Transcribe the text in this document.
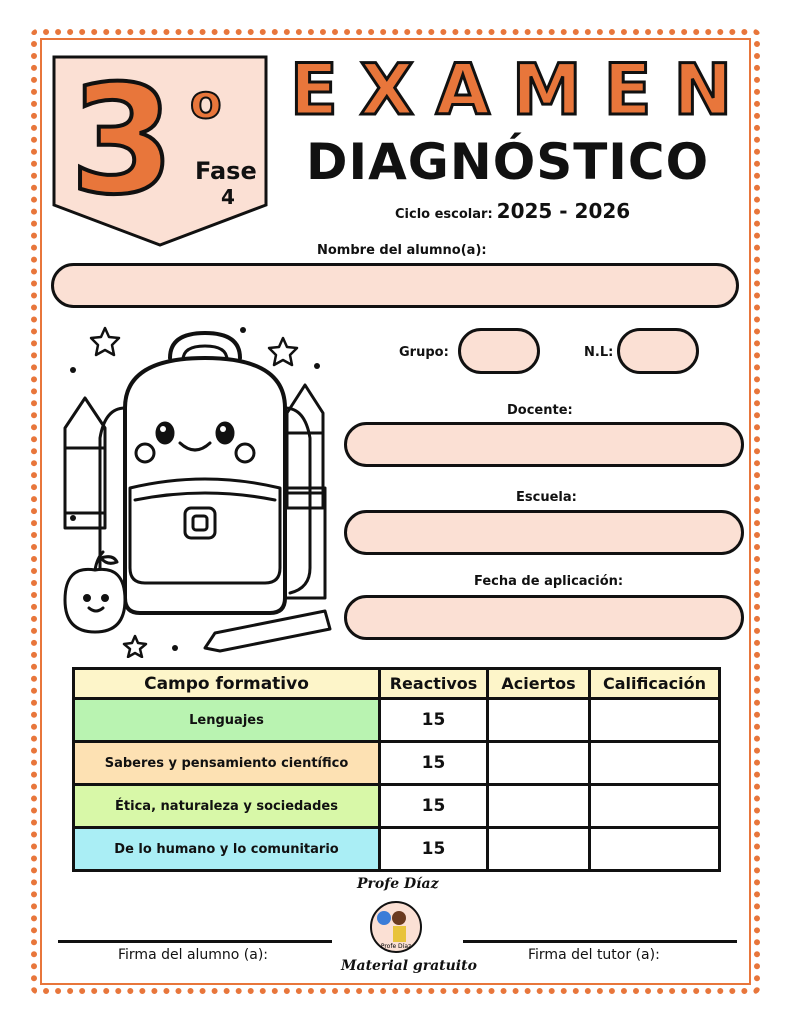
3 o
Fase
4
EXAMEN
DIAGNÓSTICO
Ciclo escolar: 2025 - 2026
Nombre del alumno(a):
Grupo:	N.L:
Docente:
Escuela:
Fecha de aplicación:
Campo formativo	Reactivos	Aciertos	Calificación
Lenguajes	15		
Saberes y pensamiento científico	15		
Ética, naturaleza y sociedades	15		
De lo humano y lo comunitario	15		
Profe Díaz
Profe Díaz
Material gratuito
Firma del alumno (a):	Firma del tutor (a):
